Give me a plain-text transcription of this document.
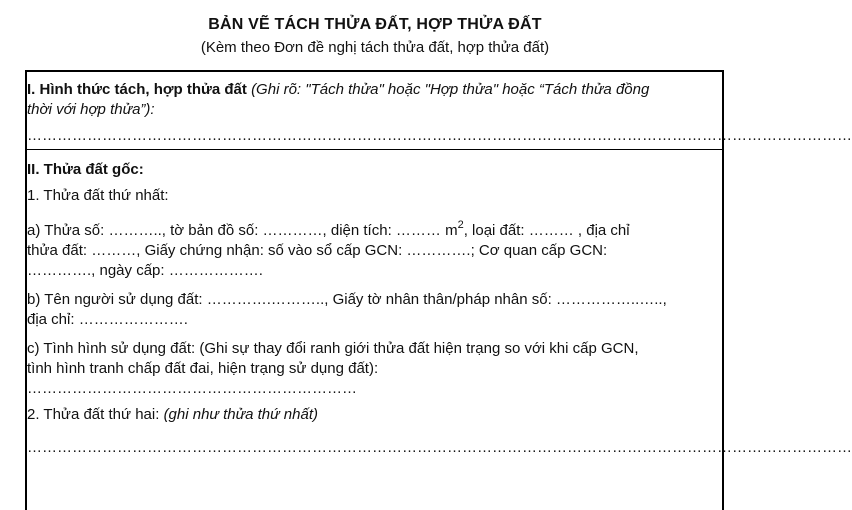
BẢN VẼ TÁCH THỬA ĐẤT, HỢP THỬA ĐẤT
(Kèm theo Đơn đề nghị tách thửa đất, hợp thửa đất)
I. Hình thức tách, hợp thửa đất (Ghi rõ: "Tách thửa" hoặc "Hợp thửa" hoặc “Tách thửa đồng
thời với hợp thửa”):
…………………………………………………………………………………………………………………………………………………
II. Thửa đất gốc:
1. Thửa đất thứ nhất:
a) Thửa số: ……….., tờ bản đồ số: …………, diện tích: ……… $m^2$, loại đất: ……… , địa chỉ
thửa đất: ………, Giấy chứng nhận: số vào sổ cấp GCN: ………….; Cơ quan cấp GCN:
…………., ngày cấp: ……………….
b) Tên người sử dụng đất: ………….……….., Giấy tờ nhân thân/pháp nhân số: ……………..…..,
địa chỉ: ………………….
c) Tình hình sử dụng đất: (Ghi sự thay đổi ranh giới thửa đất hiện trạng so với khi cấp GCN,
tình hình tranh chấp đất đai, hiện trạng sử dụng đất):
…………………………………………………………
2. Thửa đất thứ hai: (ghi như thửa thứ nhất)
…………………………………………………………………………………………………………………………………………………
